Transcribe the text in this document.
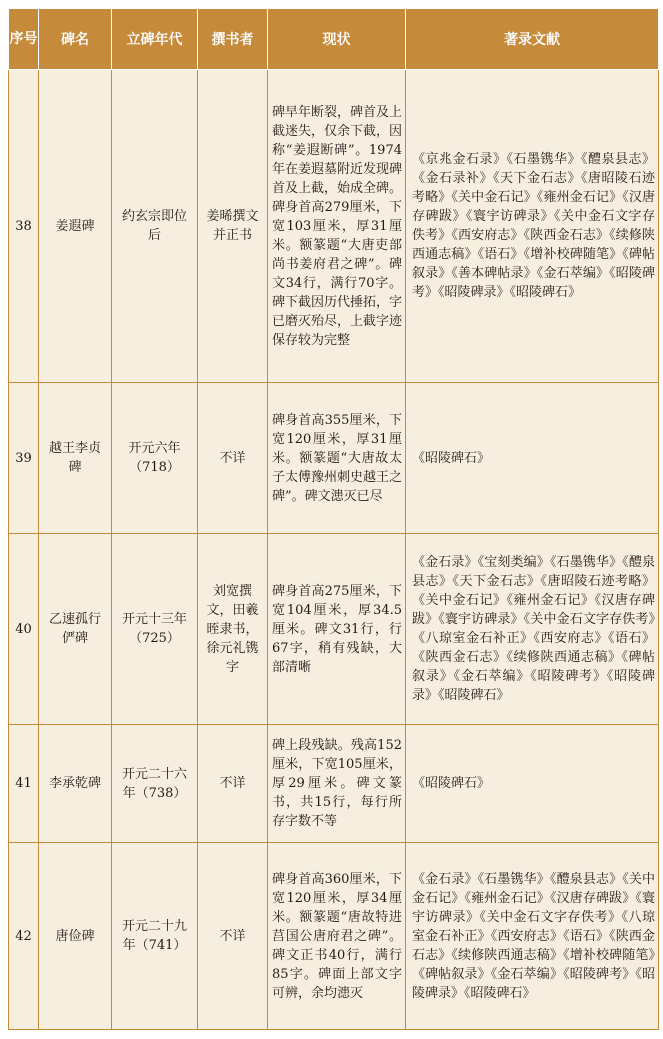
序号	碑名	立碑年代	撰书者	现状	著录文献
38	姜遐碑	约玄宗即位后	姜晞撰文并正书	碑早年断裂，碑首及上截迷失，仅余下截，因称“姜遐断碑”。1974年在姜遐墓附近发现碑首及上截，始成全碑。碑身首高279厘米，下宽103厘米，厚31厘米。额篆题“大唐吏部尚书姜府君之碑”。碑文34行，满行70字。碑下截因历代捶拓，字已磨灭殆尽，上截字迹保存较为完整	《京兆金石录》《石墨镌华》《醴泉县志》《金石录补》《天下金石志》《唐昭陵石迹考略》《关中金石记》《雍州金石记》《汉唐存碑跋》《寰宇访碑录》《关中金石文字存佚考》《西安府志》《陕西金石志》《续修陕西通志稿》《语石》《增补校碑随笔》《碑帖叙录》《善本碑帖录》《金石萃编》《昭陵碑考》《昭陵碑录》《昭陵碑石》
39	越王李贞碑	开元六年（718）	不详	碑身首高355厘米，下宽120厘米，厚31厘米。额篆题“大唐故太子太傅豫州刺史越王之碑”。碑文漶灭已尽	《昭陵碑石》
40	乙速孤行俨碑	开元十三年（725）	刘宽撰文，田羲晊隶书，徐元礼镌字	碑身首高275厘米，下宽104厘米，厚34.5厘米。碑文31行，行67字，稍有残缺，大部清晰	《金石录》《宝刻类编》《石墨镌华》《醴泉县志》《天下金石志》《唐昭陵石迹考略》《关中金石记》《雍州金石记》《汉唐存碑跋》《寰宇访碑录》《关中金石文字存佚考》《八琼室金石补正》《西安府志》《语石》《陕西金石志》《续修陕西通志稿》《碑帖叙录》《金石萃编》《昭陵碑考》《昭陵碑录》《昭陵碑石》
41	李承乾碑	开元二十六年（738）	不详	碑上段残缺。残高152厘米，下宽105厘米，厚29厘米。碑文篆书，共15行，每行所存字数不等	《昭陵碑石》
42	唐俭碑	开元二十九年（741）	不详	碑身首高360厘米，下宽120厘米，厚34厘米。额篆题“唐故特进莒国公唐府君之碑”。碑文正书40行，满行85字。碑面上部文字可辨，余均漶灭	《金石录》《石墨镌华》《醴泉县志》《关中金石记》《雍州金石记》《汉唐存碑跋》《寰宇访碑录》《关中金石文字存佚考》《八琼室金石补正》《西安府志》《语石》《陕西金石志》《续修陕西通志稿》《增补校碑随笔》《碑帖叙录》《金石萃编》《昭陵碑考》《昭陵碑录》《昭陵碑石》
